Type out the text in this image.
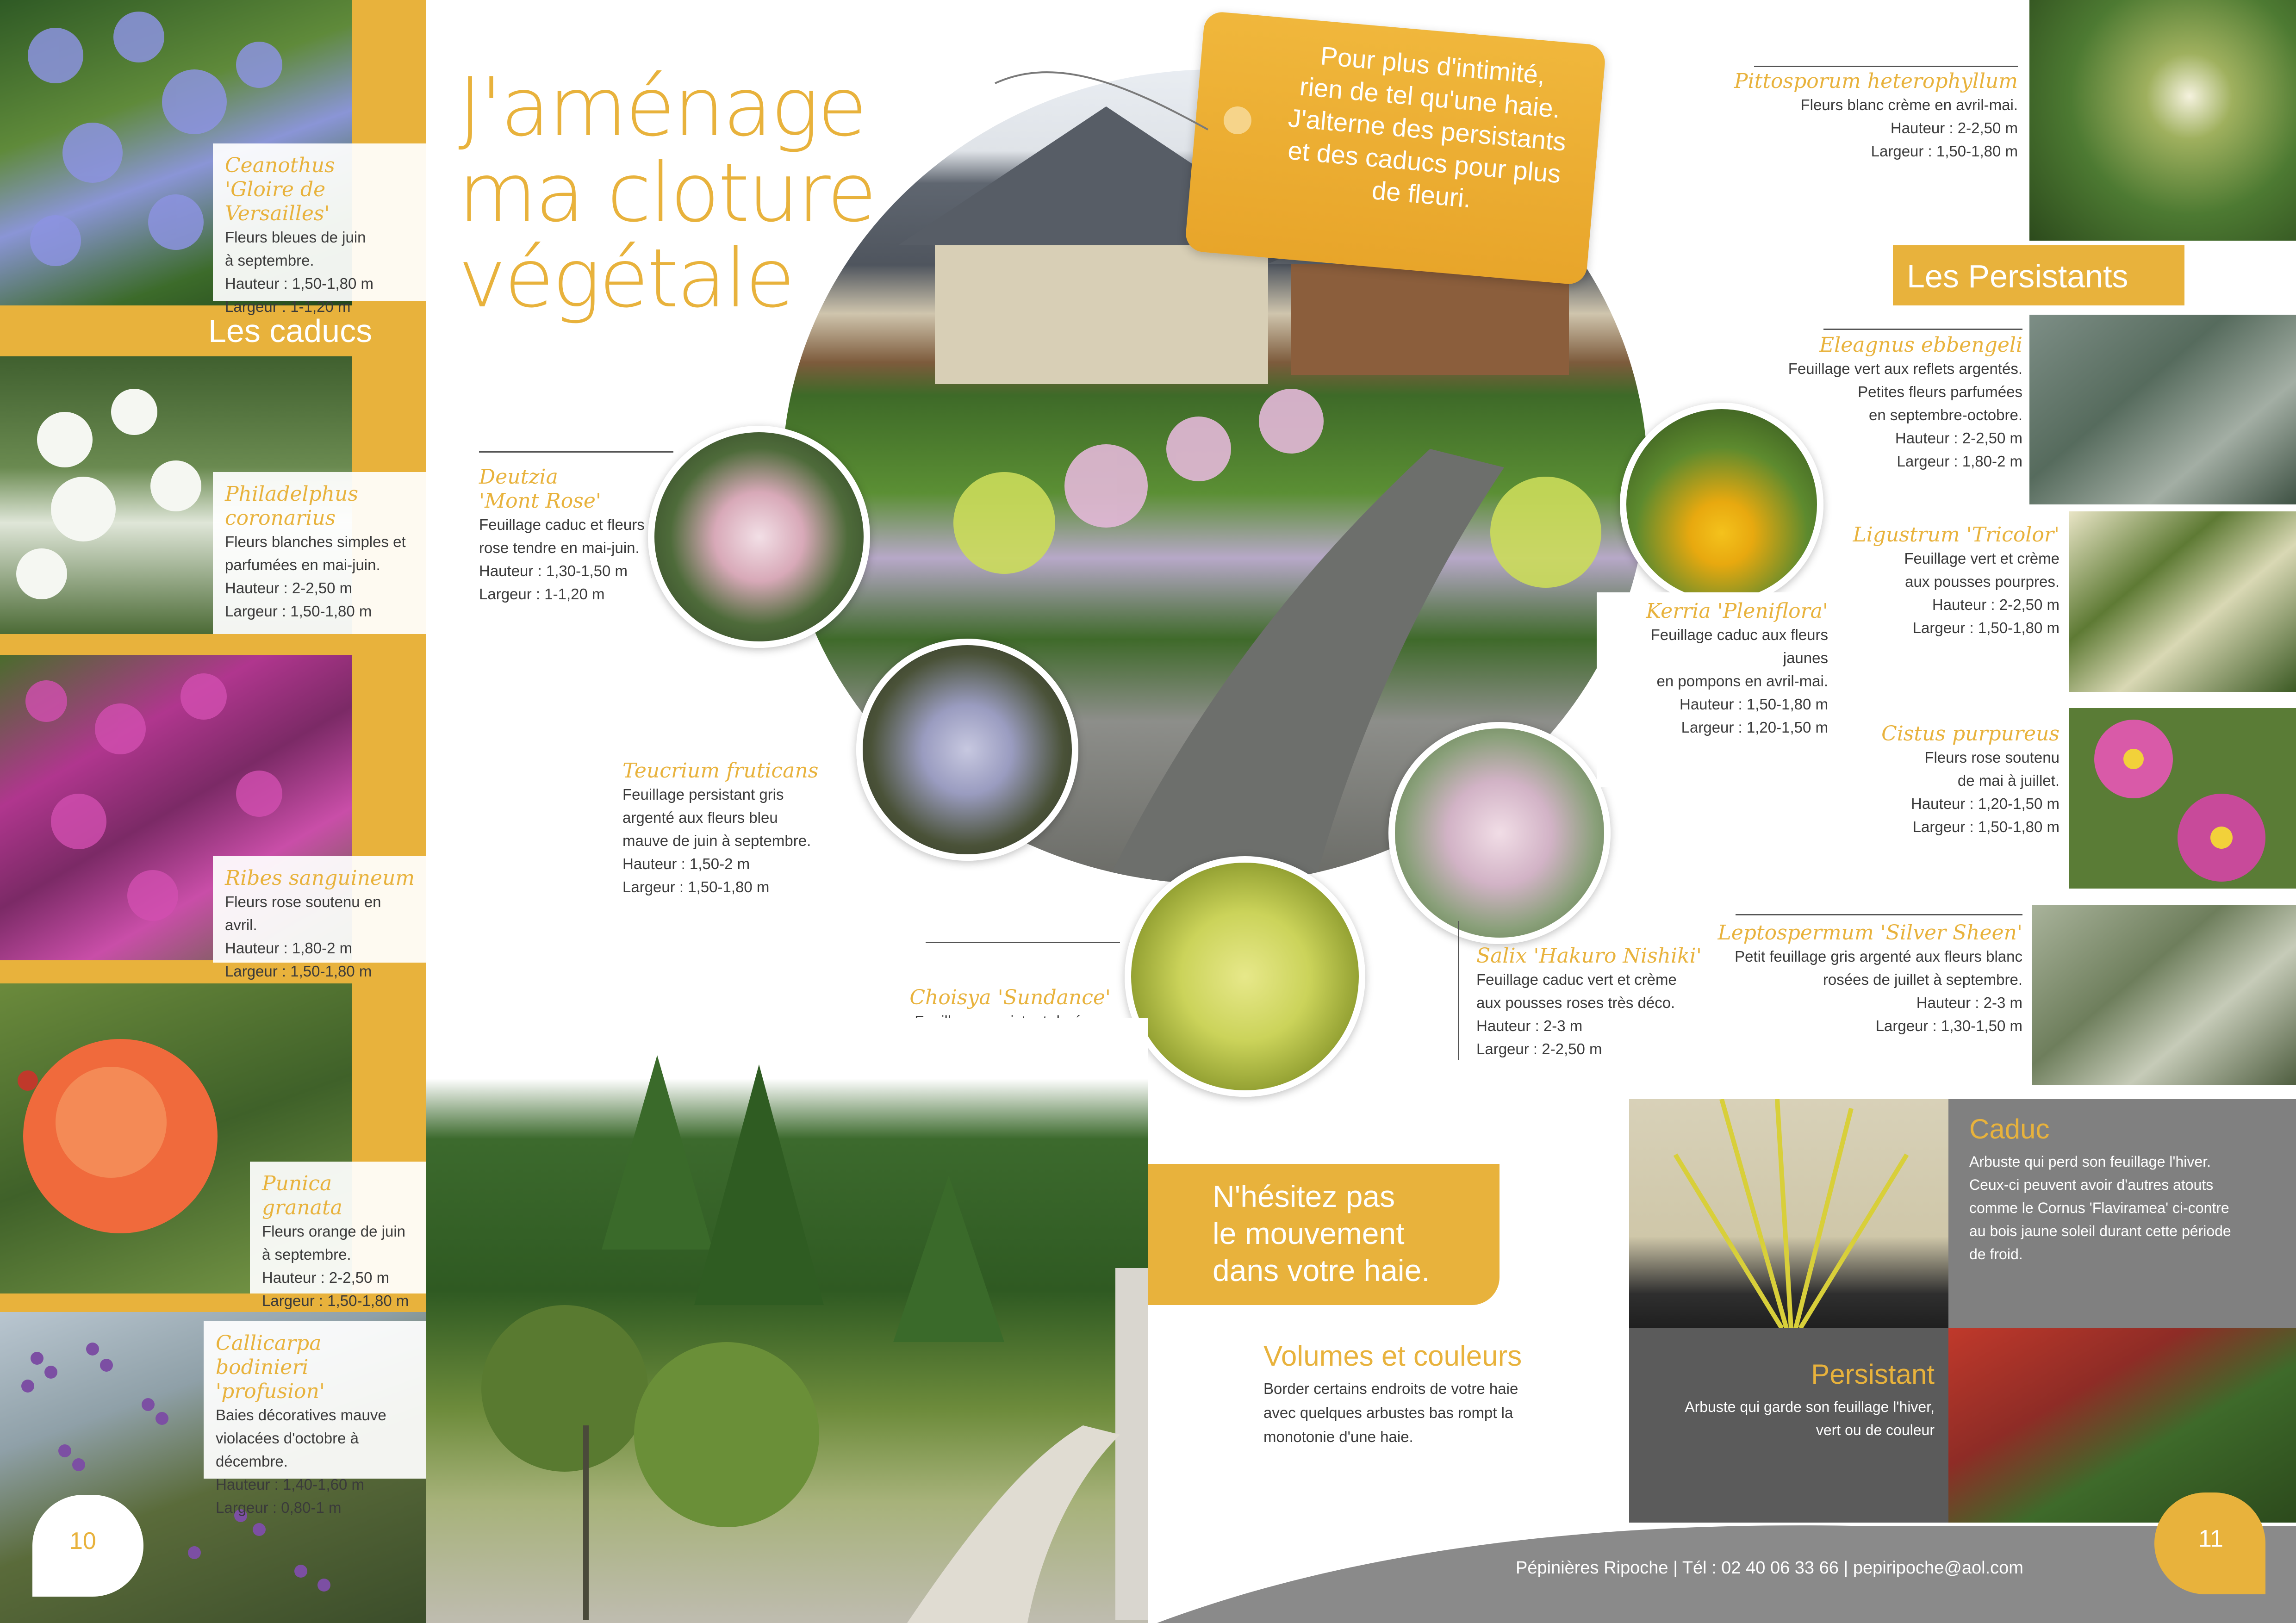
Ceanothus
'Gloire de Versailles'
Fleurs bleues de juin
à septembre.
Hauteur : 1,50-1,80 m
Largeur : 1-1,20 m
Les caducs
Philadelphus
coronarius
Fleurs blanches simples et
parfumées en mai-juin.
Hauteur : 2-2,50 m
Largeur : 1,50-1,80 m
Ribes sanguineum
Fleurs rose soutenu en avril.
Hauteur : 1,80-2 m
Largeur : 1,50-1,80 m
Punica granata
Fleurs orange de juin
à septembre.
Hauteur : 2-2,50 m
Largeur : 1,50-1,80 m
Callicarpa
bodinieri 'profusion'
Baies décoratives mauve
violacées d'octobre à décembre.
Hauteur : 1,40-1,60 m
Largeur : 0,80-1 m
10
J'aménage
ma cloture
végétale
Pour plus d'intimité,
rien de tel qu'une haie.
J'alterne des persistants
et des caducs pour plus
de fleuri.
Deutzia
'Mont Rose'
Feuillage caduc et fleurs
rose tendre en mai-juin.
Hauteur : 1,30-1,50 m
Largeur : 1-1,20 m
Teucrium fruticans
Feuillage persistant gris
argenté aux fleurs bleu
mauve de juin à septembre.
Hauteur : 1,50-2 m
Largeur : 1,50-1,80 m
Choisya 'Sundance'
Salix 'Hakuro Nishiki'
Feuillage caduc vert et crème
aux pousses roses très déco.
Hauteur : 2-3 m
Largeur : 2-2,50 m
Kerria 'Pleniflora'
Feuillage caduc aux fleurs jaunes
en pompons en avril-mai.
Hauteur : 1,50-1,80 m
Largeur : 1,20-1,50 m
N'hésitez pas
le mouvement
dans votre haie.
Volumes et couleurs
Border certains endroits de votre haie
avec quelques arbustes bas rompt la
monotonie d'une haie.
Pittosporum heterophyllum
Fleurs blanc crème en avril-mai.
Hauteur : 2-2,50 m
Largeur : 1,50-1,80 m
Les Persistants
Eleagnus ebbengeli
Feuillage vert aux reflets argentés.
Petites fleurs parfumées
en septembre-octobre.
Hauteur : 2-2,50 m
Largeur : 1,80-2 m
Ligustrum 'Tricolor'
Feuillage vert et crème
aux pousses pourpres.
Hauteur : 2-2,50 m
Largeur : 1,50-1,80 m
Cistus purpureus
Fleurs rose soutenu
de mai à juillet.
Hauteur : 1,20-1,50 m
Largeur : 1,50-1,80 m
Leptospermum 'Silver Sheen'
Petit feuillage gris argenté aux fleurs blanc
rosées de juillet à septembre.
Hauteur : 2-3 m
Largeur : 1,30-1,50 m
Caduc
Arbuste qui perd son feuillage l'hiver.
Ceux-ci peuvent avoir d'autres atouts
comme le Cornus 'Flaviramea' ci-contre
au bois jaune soleil durant cette période
de froid.
Persistant
Arbuste qui garde son feuillage l'hiver,
vert ou de couleur
Pépinières Ripoche | Tél : 02 40 06 33 66 | pepiripoche@aol.com
11
